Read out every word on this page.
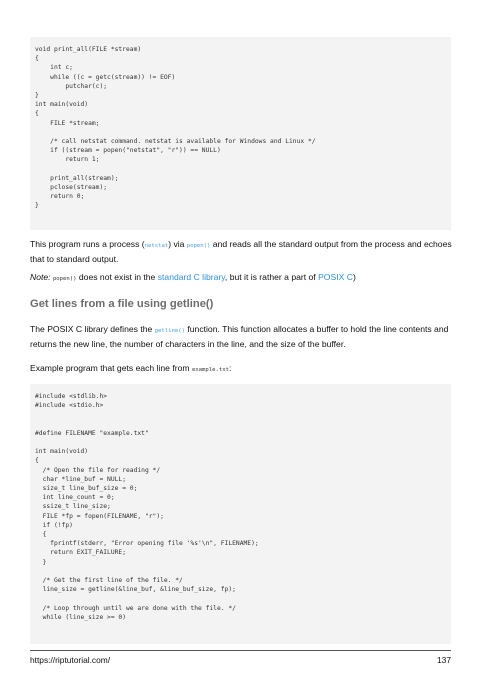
void print_all(FILE *stream)
{
int c;
while ((c = getc(stream)) != EOF)
putchar(c);
}
int main(void)
{
FILE *stream;

/* call netstat command. netstat is available for Windows and Linux */
if ((stream = popen("netstat", "r")) == NULL)
return 1;

print_all(stream);
pclose(stream);
return 0;
}

This program runs a process (netstat) via popen() and reads all the standard output from the process and echoes that to standard output.

Note: popen() does not exist in the standard C library, but it is rather a part of POSIX C)

Get lines from a file using getline()

The POSIX C library defines the getline() function. This function allocates a buffer to hold the line contents and returns the new line, the number of characters in the line, and the size of the buffer.

Example program that gets each line from example.txt:

#include <stdlib.h>
#include <stdio.h>

#define FILENAME "example.txt"

int main(void)
{
/* Open the file for reading */
char *line_buf = NULL;
size_t line_buf_size = 0;
int line_count = 0;
ssize_t line_size;
FILE *fp = fopen(FILENAME, "r");
if (!fp)
{
fprintf(stderr, "Error opening file '%s'\n", FILENAME);
return EXIT_FAILURE;
}

/* Get the first line of the file. */
line_size = getline(&line_buf, &line_buf_size, fp);

/* Loop through until we are done with the file. */
while (line_size >= 0)
https://riptutorial.com/	137
